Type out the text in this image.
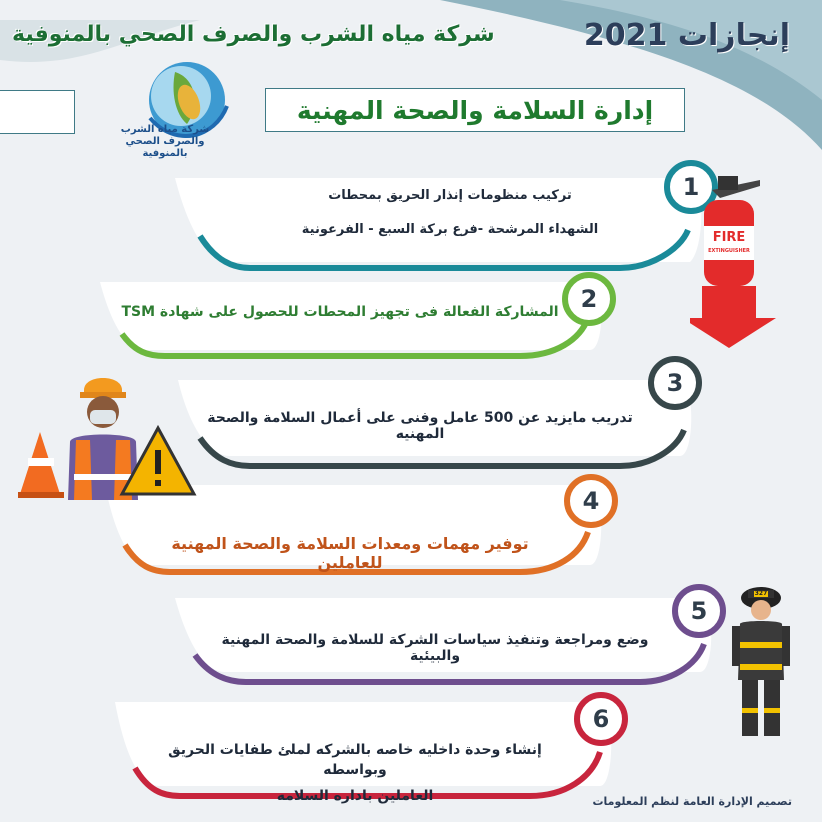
إنجازات 2021
شركة مياه الشرب والصرف الصحي بالمنوفية
شركة مياه الشرب والصرف الصحي بالمنوفية
إدارة السلامة والصحة المهنية
1
2
3
4
5
6
تركيب منظومات إنذار الحريق بمحطات
الشهداء المرشحة -فرع بركة السبع - الفرعونية
المشاركة الفعالة فى تجهيز المحطات للحصول على شهادة TSM
تدريب مايزيد عن 500 عامل وفنى على أعمال السلامة والصحة المهنيه
توفير مهمات ومعدات السلامة والصحة المهنية للعاملين
وضع ومراجعة وتنفيذ سياسات الشركة للسلامة والصحة المهنية والبيئية
إنشاء وحدة داخليه خاصه بالشركه لملئ طفايات الحريق وبواسطه
العاملين باداره السلامه
FIRE
EXTINGUISHER
327
تصميم الإدارة العامة لنظم المعلومات
